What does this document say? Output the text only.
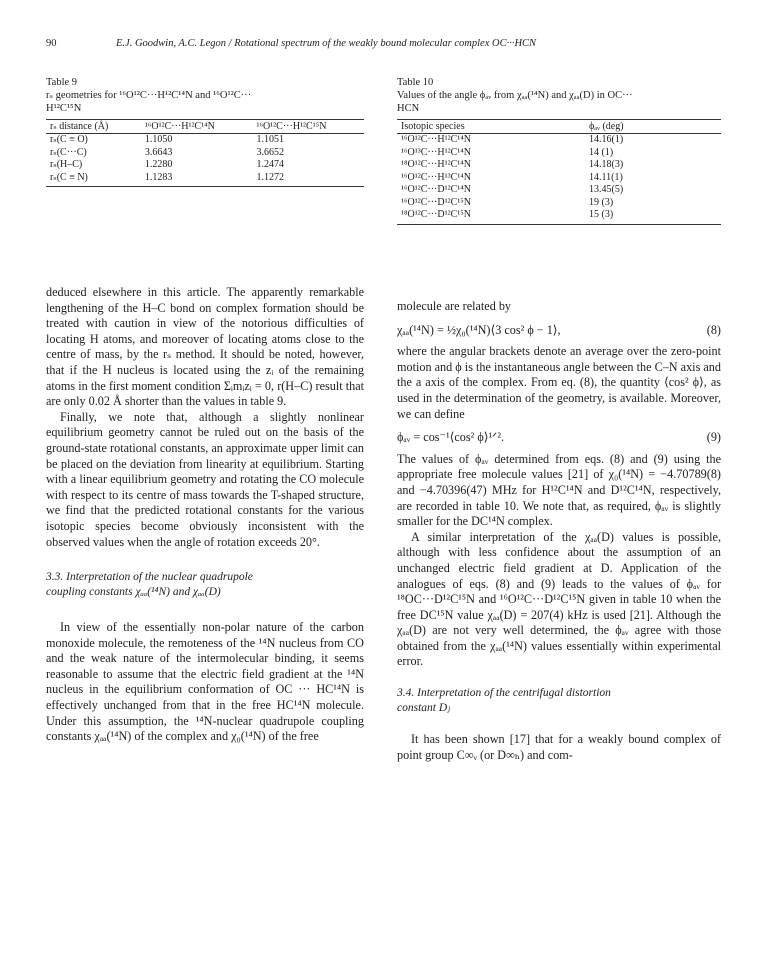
90	E.J. Goodwin, A.C. Legon / Rotational spectrum of the weakly bound molecular complex OC···HCN
Table 9
rₛ geometries for ¹⁶O¹²C···H¹²C¹⁴N and ¹⁶O¹²C···
H¹²C¹⁵N
rₛ distance (Å)	¹⁶O¹²C···H¹²C¹⁴N	¹⁶O¹²C···H¹²C¹⁵N
rₛ(C ≡ O)	1.1050	1.1051
rₛ(C···C)	3.6643	3.6652
rₛ(H–C)	1.2280	1.2474
rₛ(C ≡ N)	1.1283	1.1272
Table 10
Values of the angle ϕₐᵥ from χₐₐ(¹⁴N) and χₐₐ(D) in OC···
HCN
Isotopic species	ϕₐᵥ (deg)
¹⁶O¹²C···H¹²C¹⁴N	14.16(1)
¹⁶O¹³C···H¹²C¹⁴N	14 (1)
¹⁸O¹²C···H¹²C¹⁴N	14.18(3)
¹⁶O¹²C···H¹³C¹⁴N	14.11(1)
¹⁶O¹²C···D¹²C¹⁴N	13.45(5)
¹⁶O¹²C···D¹²C¹⁵N	19 (3)
¹⁸O¹²C···D¹²C¹⁵N	15 (3)

deduced elsewhere in this article. The apparently remarkable lengthening of the H–C bond on complex formation should be treated with caution in view of the notorious difficulties of locating H atoms, and moreover of locating atoms close to the centre of mass, by the rₛ method. It should be noted, however, that if the H nucleus is located using the zᵢ of the remaining atoms in the first moment condition Σᵢmᵢzᵢ = 0, r(H–C) result that are only 0.02 Å shorter than the values in table 9.

Finally, we note that, although a slightly nonlinear equilibrium geometry cannot be ruled out on the basis of the ground-state rotational constants, an approximate upper limit can be placed on the deviation from linearity at equilibrium. Starting with a linear equilibrium geometry and rotating the CO molecule with respect to its centre of mass towards the T-shaped structure, we find that the predicted rotational constants for the various isotopic species become obviously inconsistent with the observed values when the angle of rotation exceeds 20°.

3.3. Interpretation of the nuclear quadrupole
coupling constants χₐₐ(¹⁴N) and χₐₐ(D)

In view of the essentially non-polar nature of the carbon monoxide molecule, the remoteness of the ¹⁴N nucleus from CO and the weak nature of the intermolecular binding, it seems reasonable to assume that the electric field gradient at the ¹⁴N nucleus in the equilibrium conformation of OC ··· HC¹⁴N is effectively unchanged from that in the free HC¹⁴N molecule. Under this assumption, the ¹⁴N-nuclear quadrupole coupling constants χₐₐ(¹⁴N) of the complex and χ₀(¹⁴N) of the free

molecule are related by

χₐₐ(¹⁴N) = ½χ₀(¹⁴N)⟨3 cos² ϕ − 1⟩,	(8)

where the angular brackets denote an average over the zero-point motion and ϕ is the instantaneous angle between the C–N axis and the a axis of the complex. From eq. (8), the quantity ⟨cos² ϕ⟩, as used in the determination of the geometry, is available. Moreover, we can define

ϕₐᵥ = cos⁻¹⟨cos² ϕ⟩¹ᐟ².	(9)

The values of ϕₐᵥ determined from eqs. (8) and (9) using the appropriate free molecule values [21] of χ₀(¹⁴N) = −4.70789(8) and −4.70396(47) MHz for H¹²C¹⁴N and D¹²C¹⁴N, respectively, are recorded in table 10. We note that, as required, ϕₐᵥ is slightly smaller for the DC¹⁴N complex.

A similar interpretation of the χₐₐ(D) values is possible, although with less confidence about the assumption of an unchanged electric field gradient at D. Application of the analogues of eqs. (8) and (9) leads to the values of ϕₐᵥ for ¹⁸OC···D¹²C¹⁵N and ¹⁶O¹²C···D¹²C¹⁵N given in table 10 when the free DC¹⁵N value χₐₐ(D) = 207(4) kHz is used [21]. Although the χₐₐ(D) are not very well determined, the ϕₐᵥ agree with those obtained from the χₐₐ(¹⁴N) values essentially within experimental error.

3.4. Interpretation of the centrifugal distortion
constant Dⱼ

It has been shown [17] that for a weakly bound complex of point group C∞ᵥ (or D∞ₕ) and com-
